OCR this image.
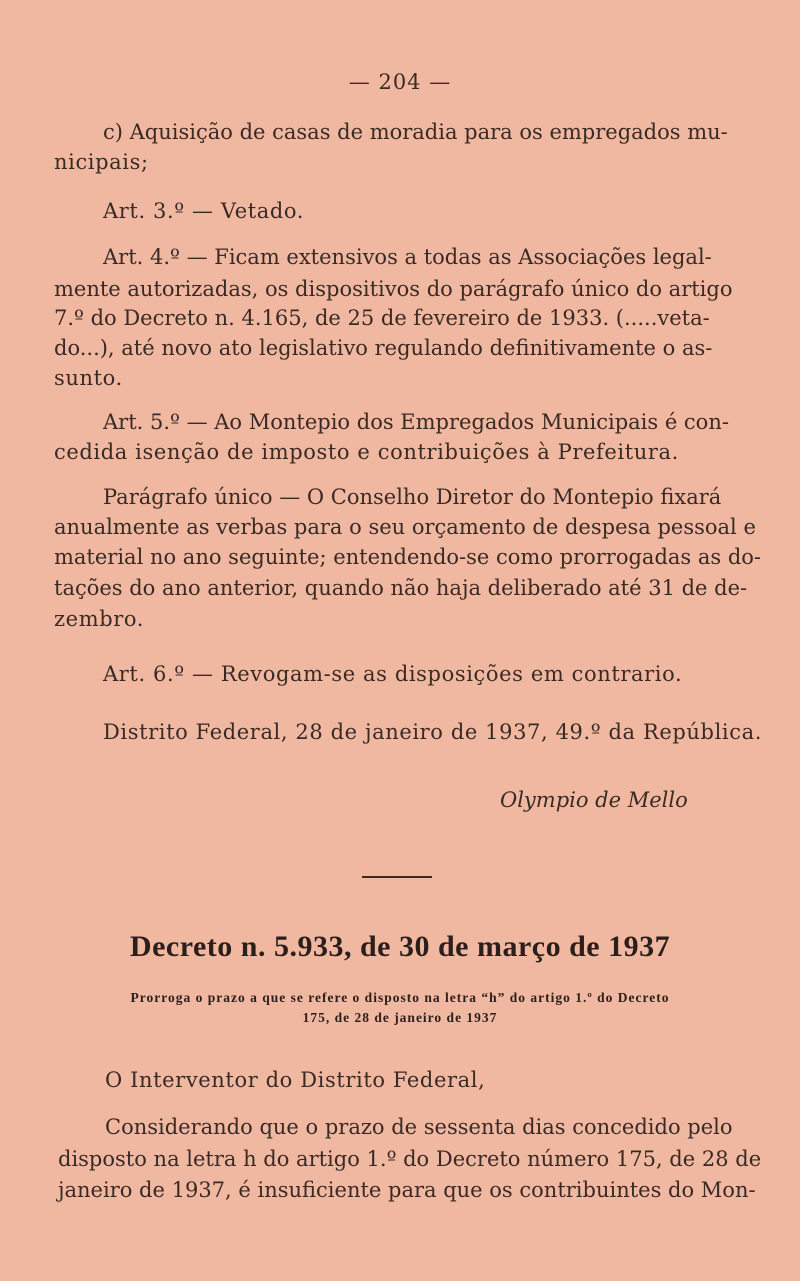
— 204 —
c) Aquisição de casas de moradia para os empregados mu-
nicipais;
Art. 3.º — Vetado.
Art. 4.º — Ficam extensivos a todas as Associações legal-
mente autorizadas, os dispositivos do parágrafo único do artigo
7.º do Decreto n. 4.165, de 25 de fevereiro de 1933. (.....veta-
do...), até novo ato legislativo regulando definitivamente o as-
sunto.
Art. 5.º — Ao Montepio dos Empregados Municipais é con-
cedida isenção de imposto e contribuições à Prefeitura.
Parágrafo único — O Conselho Diretor do Montepio fixará
anualmente as verbas para o seu orçamento de despesa pessoal e
material no ano seguinte; entendendo-se como prorrogadas as do-
tações do ano anterior, quando não haja deliberado até 31 de de-
zembro.
Art. 6.º — Revogam-se as disposições em contrario.
Distrito Federal, 28 de janeiro de 1937, 49.º da República.
Olympio de Mello
Decreto n. 5.933, de 30 de março de 1937
Prorroga o prazo a que se refere o disposto na letra “h” do artigo 1.º do Decreto
175, de 28 de janeiro de 1937
O Interventor do Distrito Federal,
Considerando que o prazo de sessenta dias concedido pelo
disposto na letra h do artigo 1.º do Decreto número 175, de 28 de
janeiro de 1937, é insuficiente para que os contribuintes do Mon-
